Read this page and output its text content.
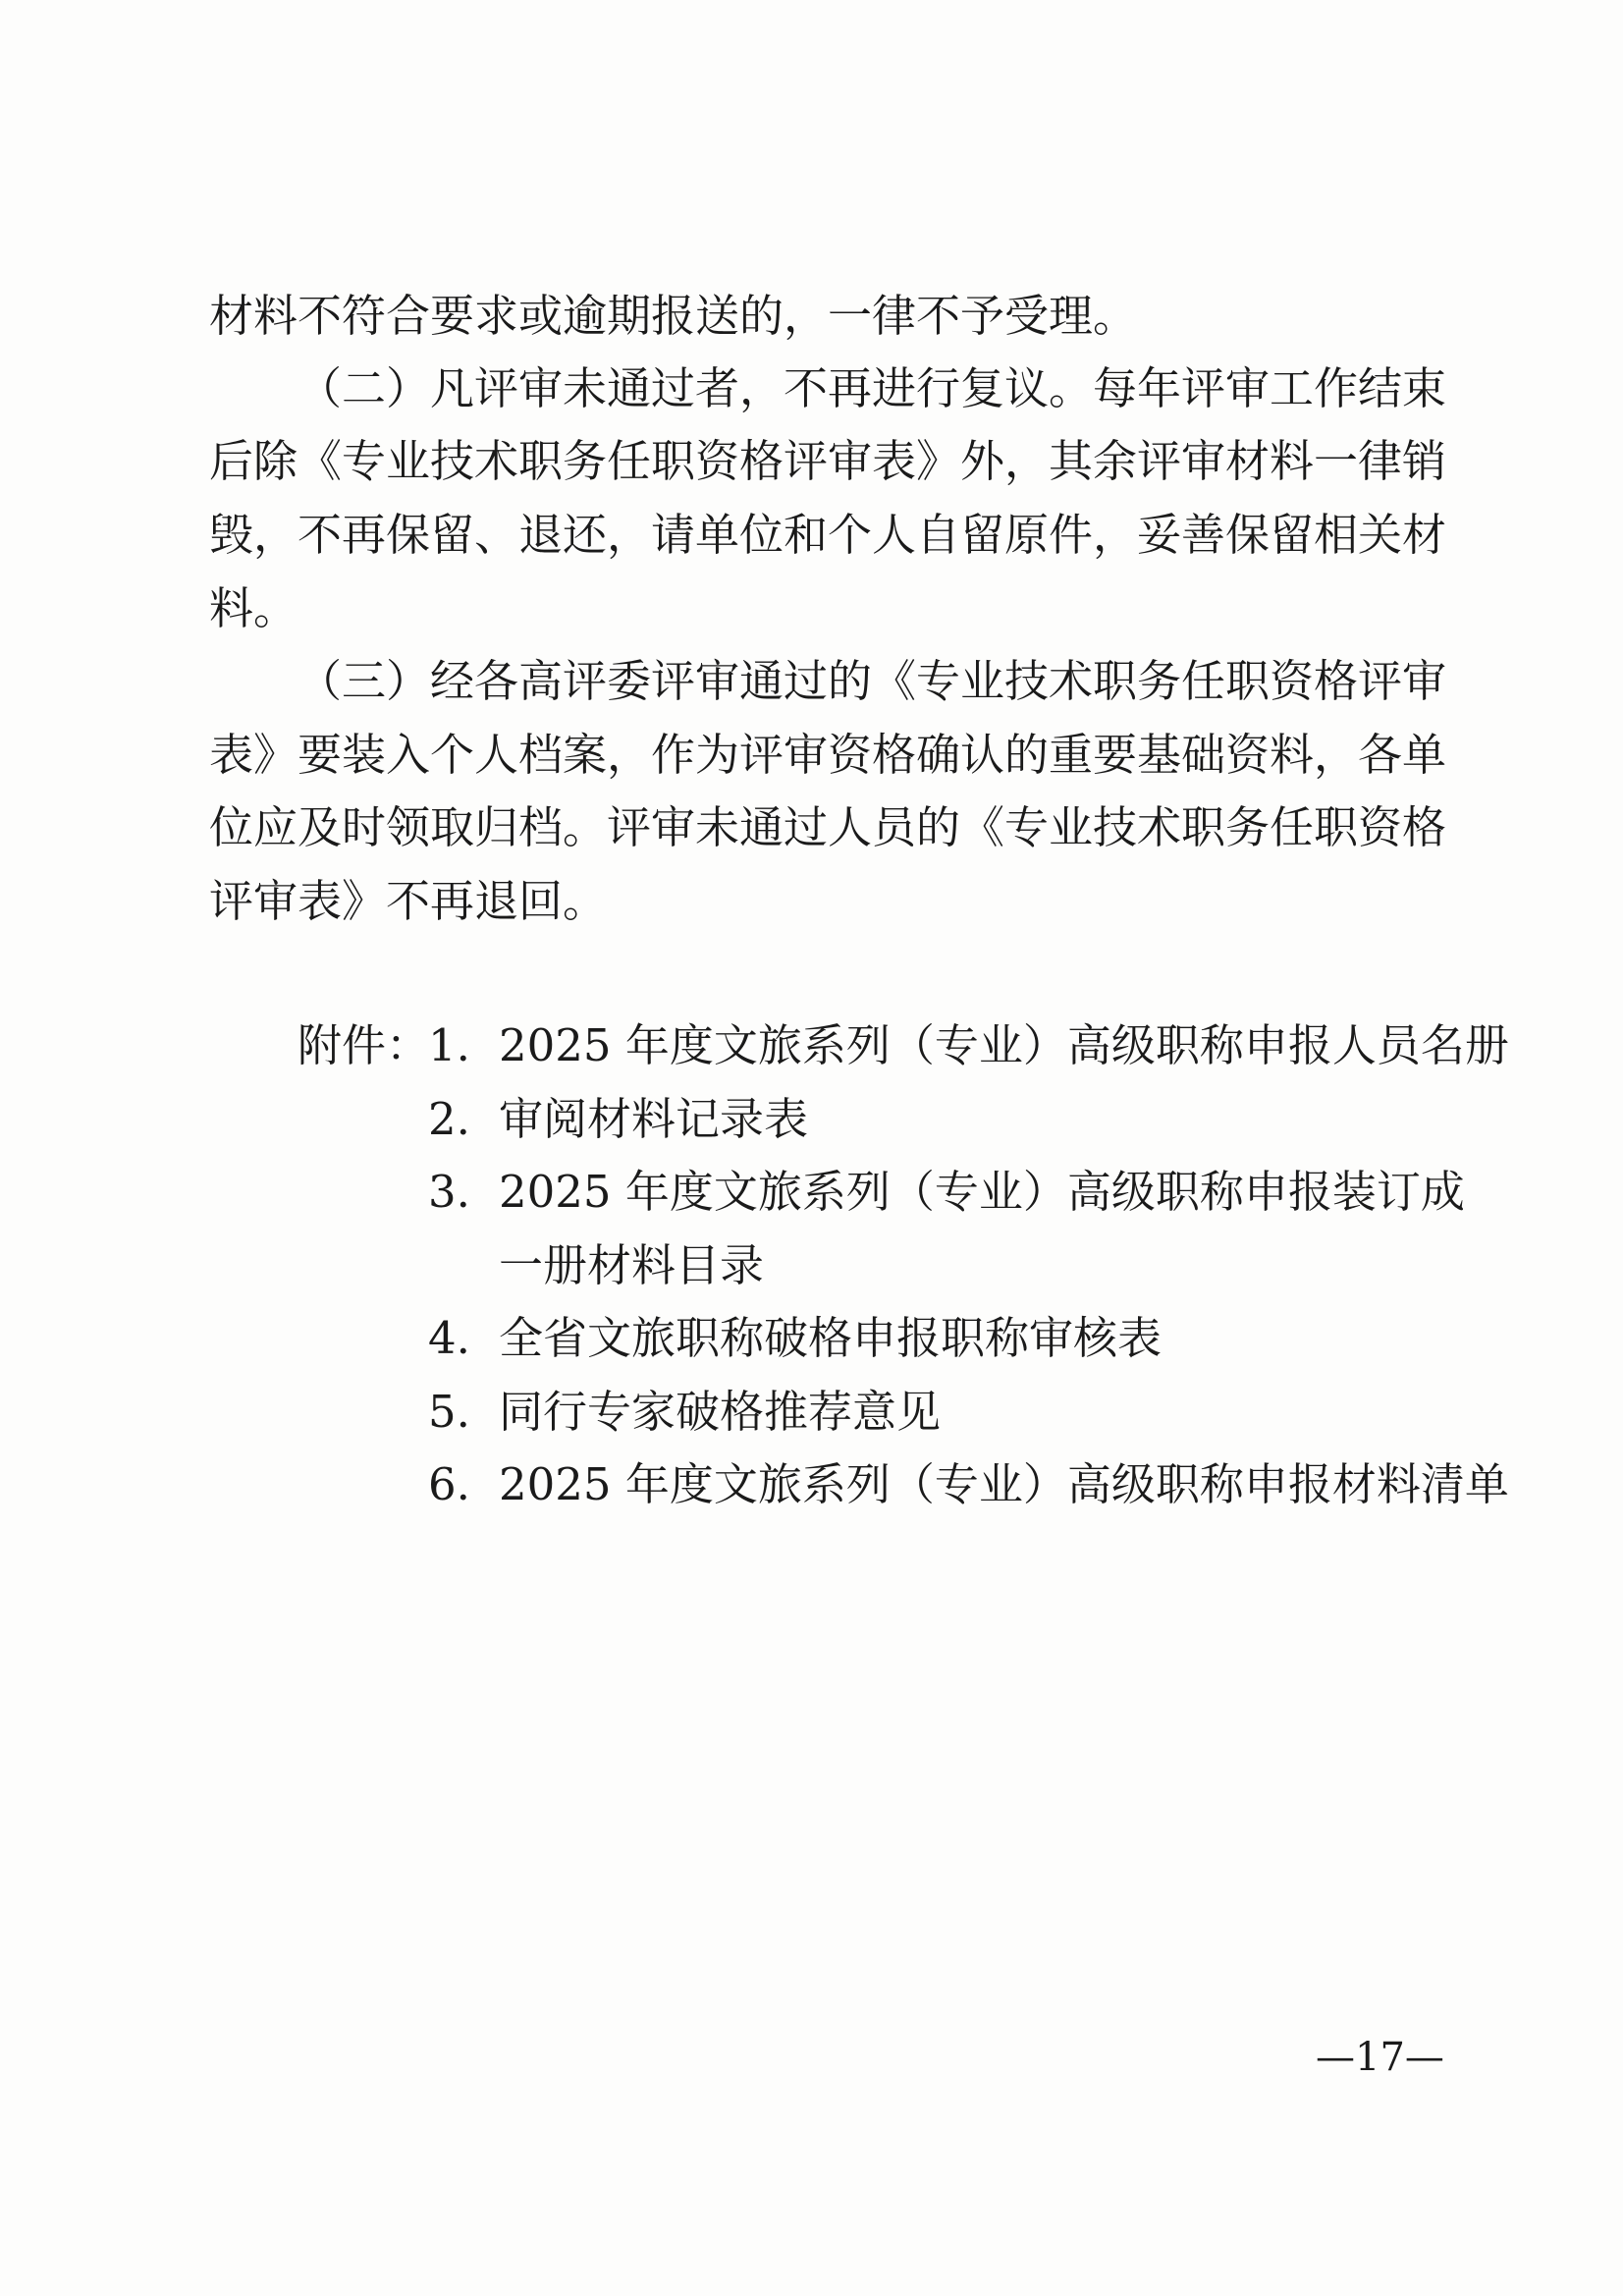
材料不符合要求或逾期报送的，一律不予受理。
（二）凡评审未通过者，不再进行复议。每年评审工作结束
后除《专业技术职务任职资格评审表》外，其余评审材料一律销
毁，不再保留、退还，请单位和个人自留原件，妥善保留相关材
料。
（三）经各高评委评审通过的《专业技术职务任职资格评审
表》要装入个人档案，作为评审资格确认的重要基础资料，各单
位应及时领取归档。评审未通过人员的《专业技术职务任职资格
评审表》不再退回。
附件：
1. 2025 年度文旅系列（专业）高级职称申报人员名册
2. 审阅材料记录表
3. 2025 年度文旅系列（专业）高级职称申报装订成
一册材料目录
4. 全省文旅职称破格申报职称审核表
5. 同行专家破格推荐意见
6. 2025 年度文旅系列（专业）高级职称申报材料清单
—17—
